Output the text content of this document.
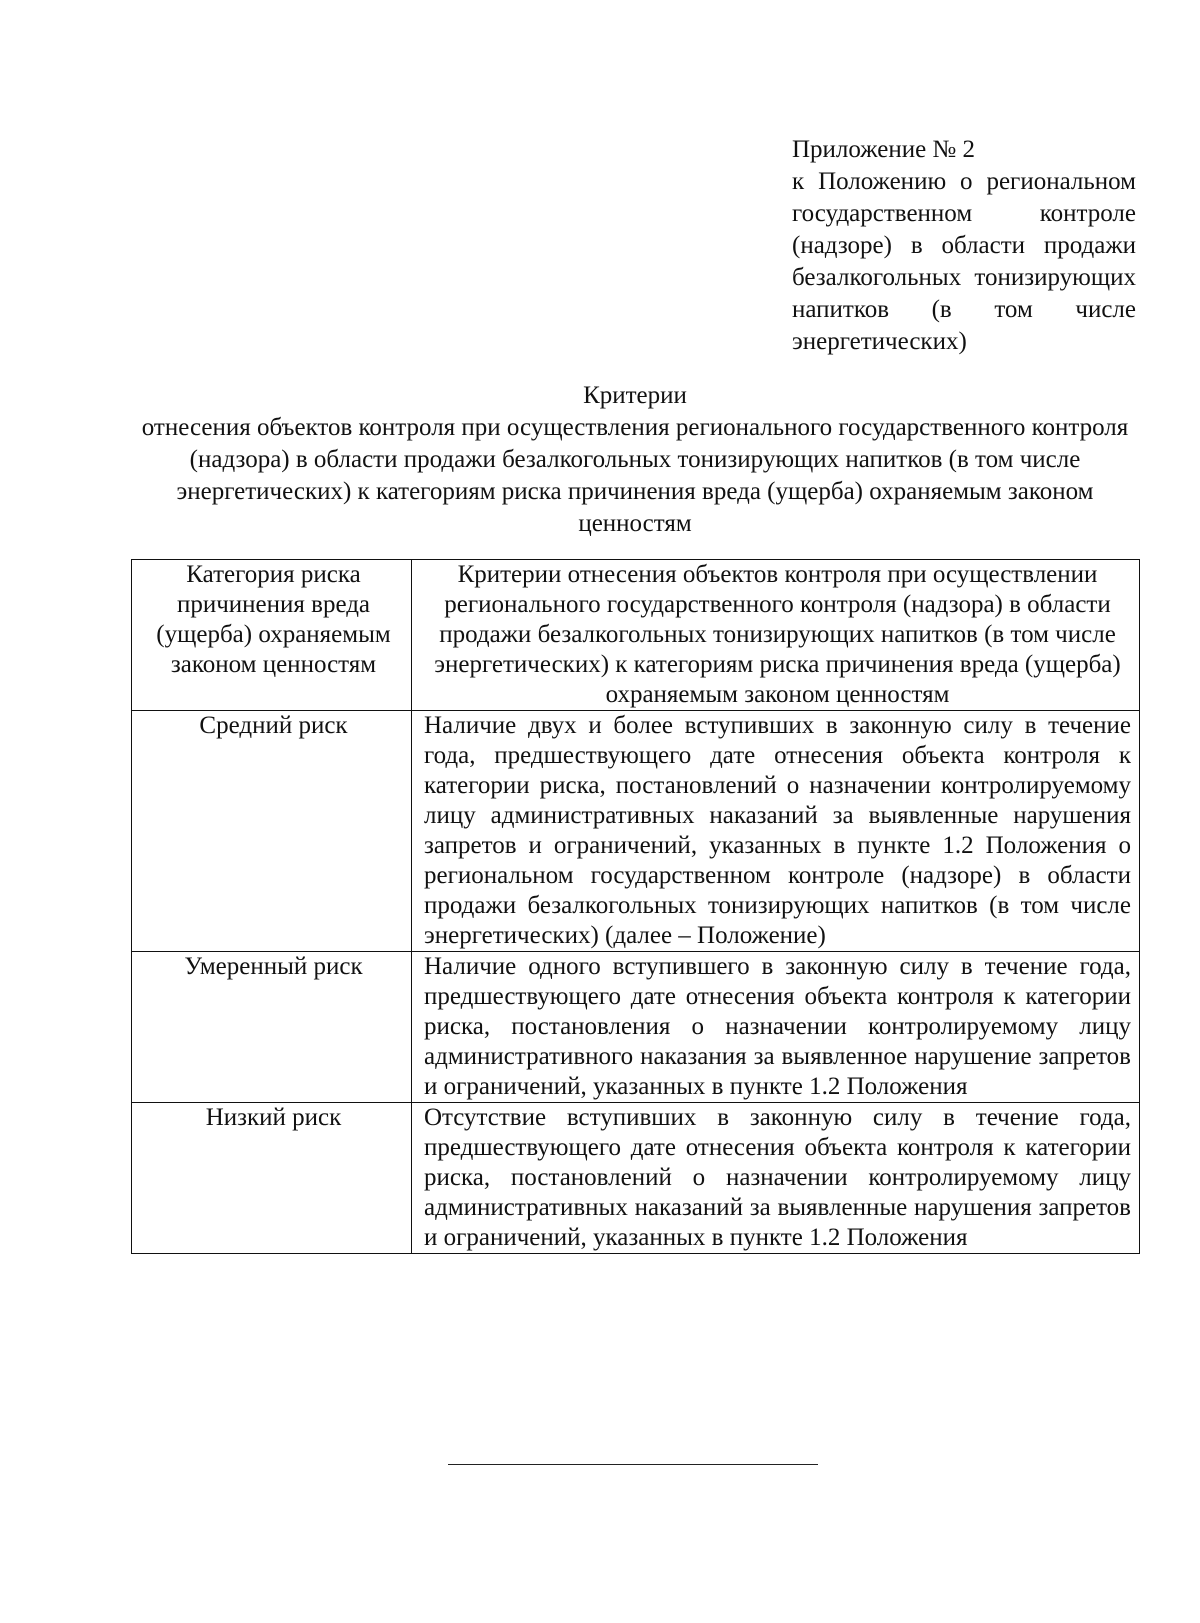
Приложение № 2
к Положению о региональном государственном контроле (надзоре) в области продажи безалкогольных тонизирующих напитков (в том числе энергетических)
Критерии
отнесения объектов контроля при осуществления регионального государственного контроля (надзора) в области продажи безалкогольных тонизирующих напитков (в том числе энергетических) к категориям риска причинения вреда (ущерба) охраняемым законом ценностям
Категория риска причинения вреда (ущерба) охраняемым законом ценностям	Критерии отнесения объектов контроля при осуществлении регионального государственного контроля (надзора) в области продажи безалкогольных тонизирующих напитков (в том числе энергетических) к категориям риска причинения вреда (ущерба) охраняемым законом ценностям
Средний риск	Наличие двух и более вступивших в законную силу в течение года, предшествующего дате отнесения объекта контроля к категории риска, постановлений о назначении контролируемому лицу административных наказаний за выявленные нарушения запретов и ограничений, указанных в пункте 1.2 Положения о региональном государственном контроле (надзоре) в области продажи безалкогольных тонизирующих напитков (в том числе энергетических) (далее – Положение)
Умеренный риск	Наличие одного вступившего в законную силу в течение года, предшествующего дате отнесения объекта контроля к категории риска, постановления о назначении контролируемому лицу административного наказания за выявленное нарушение запретов и ограничений, указанных в пункте 1.2 Положения
Низкий риск	Отсутствие вступивших в законную силу в течение года, предшествующего дате отнесения объекта контроля к категории риска, постановлений о назначении контролируемому лицу административных наказаний за выявленные нарушения запретов и ограничений, указанных в пункте 1.2 Положения
